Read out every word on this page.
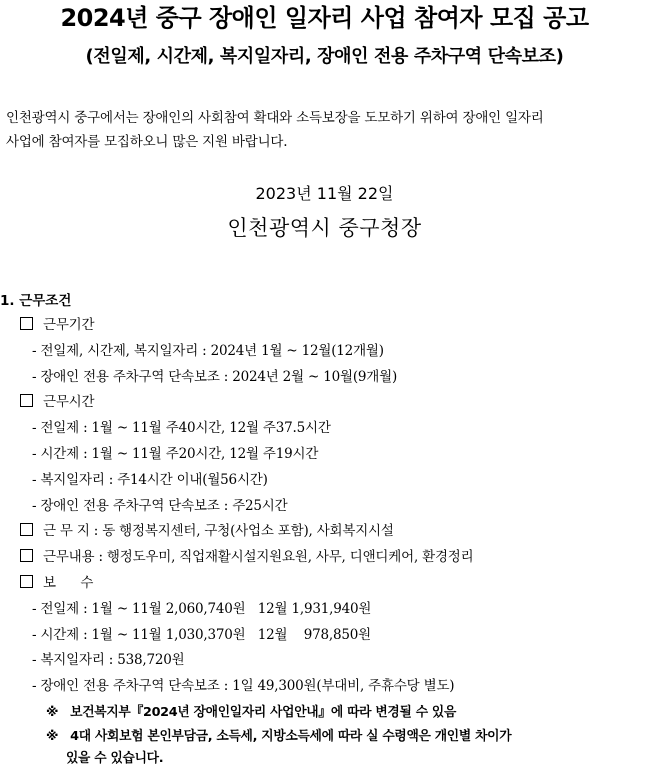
2024년 중구 장애인 일자리 사업 참여자 모집 공고
(전일제, 시간제, 복지일자리, 장애인 전용 주차구역 단속보조)

인천광역시 중구에서는 장애인의 사회참여 확대와 소득보장을 도모하기 위하여 장애인 일자리

사업에 참여자를 모집하오니 많은 지원 바랍니다.

2023년 11월 22일
인천광역시 중구청장
1. 근무조건
근무기간
- 전일제, 시간제, 복지일자리 : 2024년 1월 ~ 12월(12개월)
- 장애인 전용 주차구역 단속보조 : 2024년 2월 ~ 10월(9개월)
근무시간
- 전일제 : 1월 ~ 11월 주40시간, 12월 주37.5시간
- 시간제 : 1월 ~ 11월 주20시간, 12월 주19시간
- 복지일자리 : 주14시간 이내(월56시간)
- 장애인 전용 주차구역 단속보조 : 주25시간
근 무 지 : 동 행정복지센터, 구청(사업소 포함), 사회복지시설
근무내용 : 행정도우미, 직업재활시설지원요원, 사무, 디앤디케어, 환경정리
보      수
- 전일제 : 1월 ~ 11월 2,060,740원   12월 1,931,940원
- 시간제 : 1월 ~ 11월 1,030,370원   12월    978,850원
- 복지일자리 : 538,720원
- 장애인 전용 주차구역 단속보조 : 1일 49,300원(부대비, 주휴수당 별도)
※ 보건복지부『2024년 장애인일자리 사업안내』에 따라 변경될 수 있음
※ 4대 사회보험 본인부담금, 소득세, 지방소득세에 따라 실 수령액은 개인별 차이가
있을 수 있습니다.
